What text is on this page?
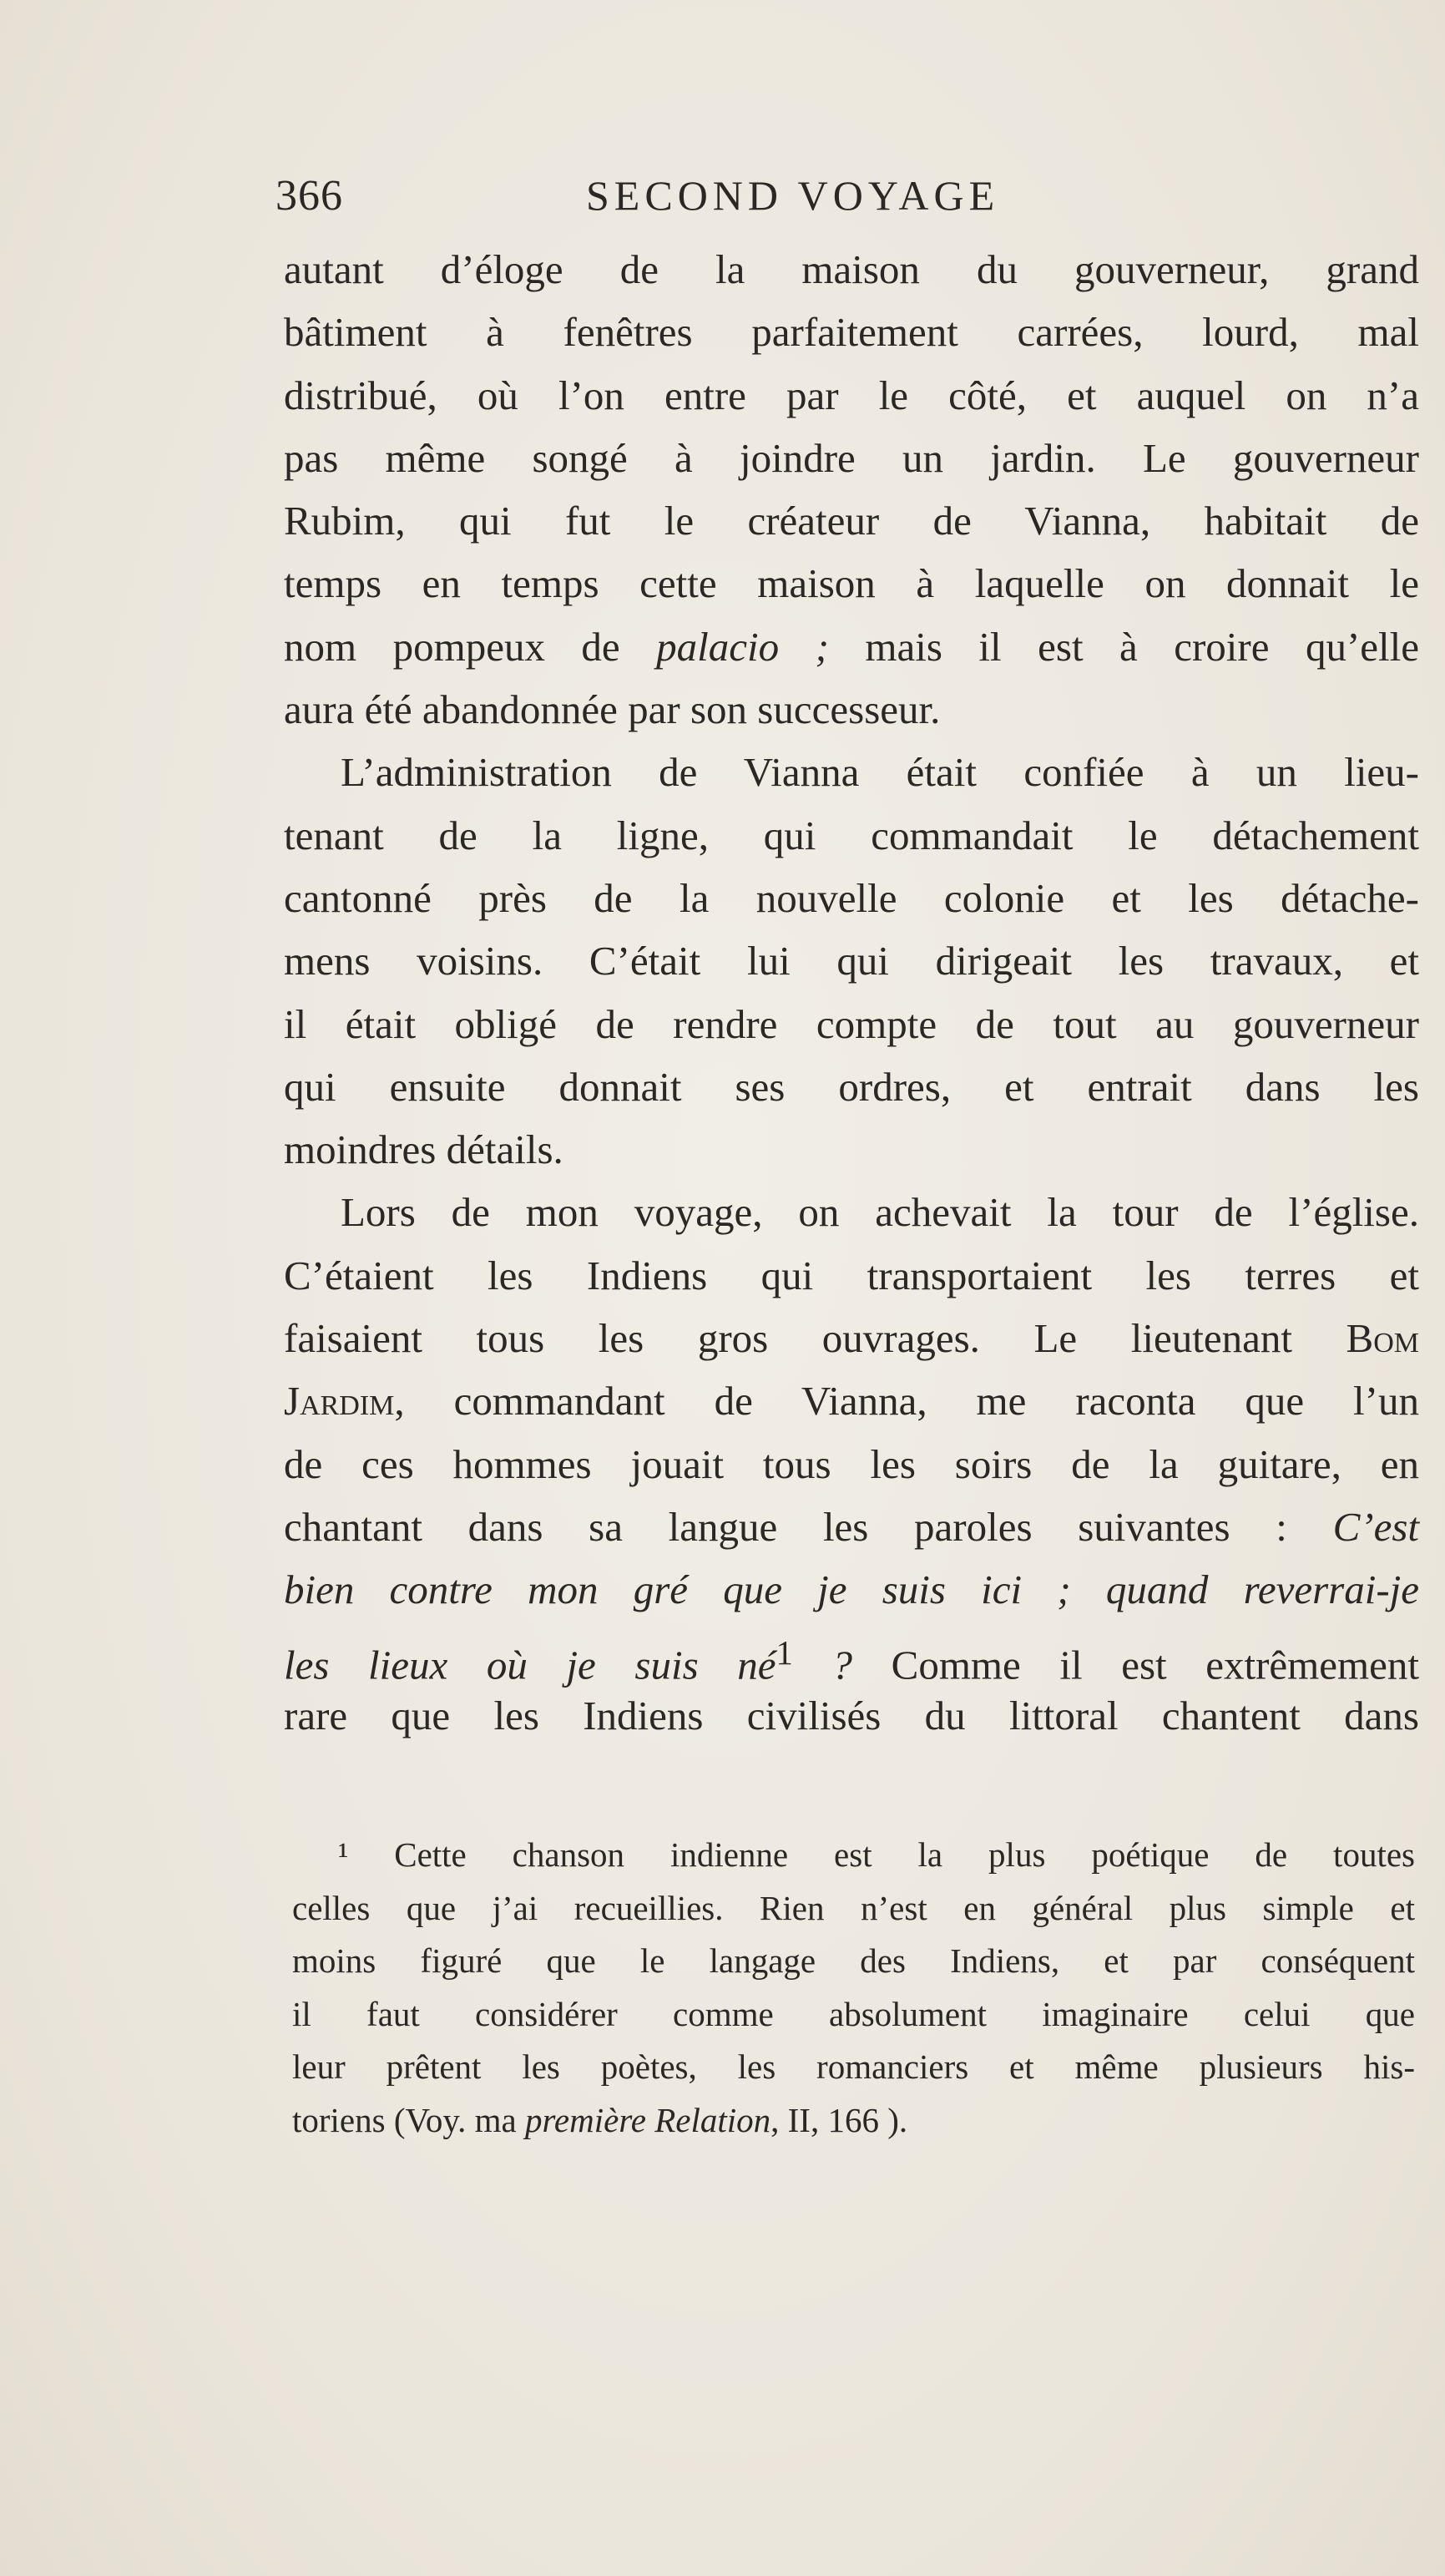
366	SECOND VOYAGE
autant d’éloge de la maison du gouverneur, grand
bâtiment à fenêtres parfaitement carrées, lourd, mal
distribué, où l’on entre par le côté, et auquel on n’a
pas même songé à joindre un jardin. Le gouverneur
Rubim, qui fut le créateur de Vianna, habitait de
temps en temps cette maison à laquelle on donnait le
nom pompeux de palacio ; mais il est à croire qu’elle
aura été abandonnée par son successeur.
L’administration de Vianna était confiée à un lieu-
tenant de la ligne, qui commandait le détachement
cantonné près de la nouvelle colonie et les détache-
mens voisins. C’était lui qui dirigeait les travaux, et
il était obligé de rendre compte de tout au gouverneur
qui ensuite donnait ses ordres, et entrait dans les
moindres détails.
Lors de mon voyage, on achevait la tour de l’église.
C’étaient les Indiens qui transportaient les terres et
faisaient tous les gros ouvrages. Le lieutenant Bom
Jardim, commandant de Vianna, me raconta que l’un
de ces hommes jouait tous les soirs de la guitare, en
chantant dans sa langue les paroles suivantes : C’est
bien contre mon gré que je suis ici ; quand reverrai-je
les lieux où je suis $né^1$ ? Comme il est extrêmement
rare que les Indiens civilisés du littoral chantent dans
¹ Cette chanson indienne est la plus poétique de toutes
celles que j’ai recueillies. Rien n’est en général plus simple et
moins figuré que le langage des Indiens, et par conséquent
il faut considérer comme absolument imaginaire celui que
leur prêtent les poètes, les romanciers et même plusieurs his-
toriens (Voy. ma première Relation, II, 166 ).
